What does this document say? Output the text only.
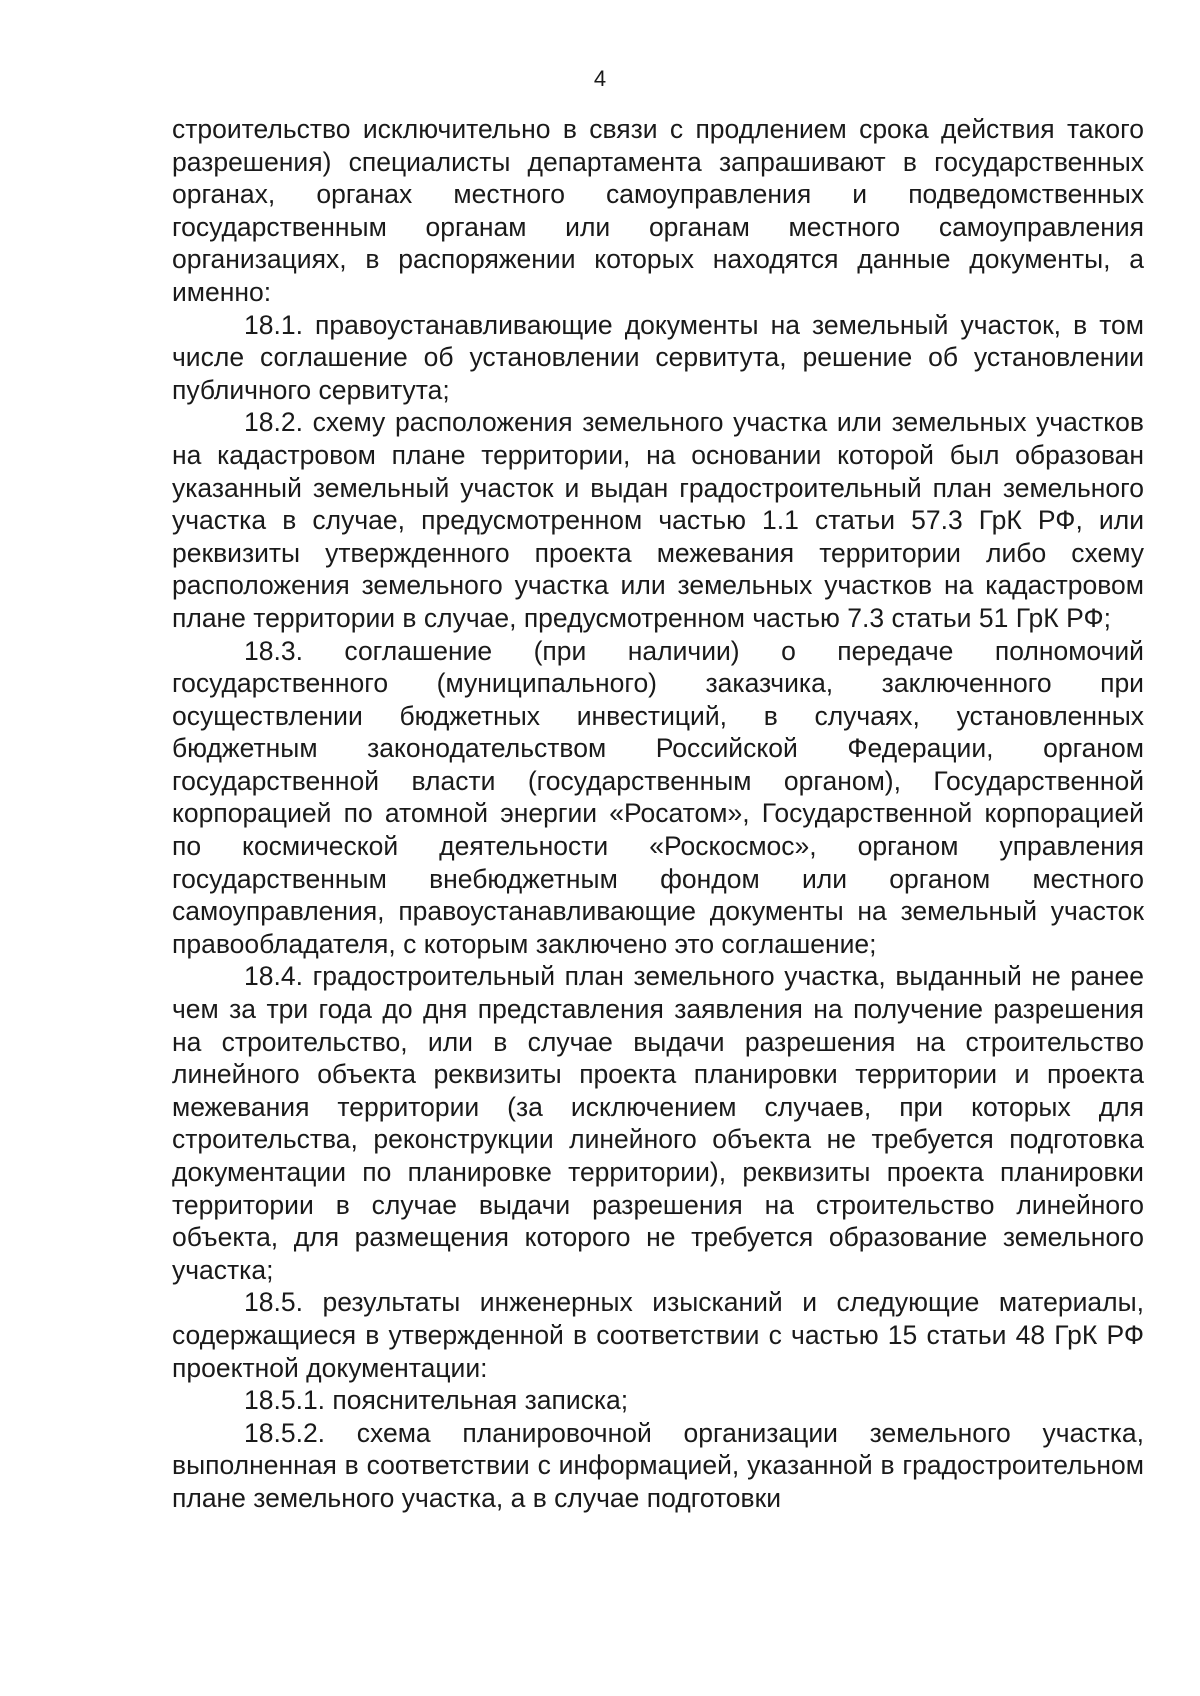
4

строительство исключительно в связи с продлением срока действия такого разрешения) специалисты департамента запрашивают в государственных органах, органах местного самоуправления и подведомственных государственным органам или органам местного самоуправления организациях, в распоряжении которых находятся данные документы, а именно:

18.1. правоустанавливающие документы на земельный участок, в том числе соглашение об установлении сервитута, решение об установлении публичного сервитута;

18.2. схему расположения земельного участка или земельных участков на кадастровом плане территории, на основании которой был образован указанный земельный участок и выдан градостроительный план земельного участка в случае, предусмотренном частью 1.1 статьи 57.3 ГрК РФ, или реквизиты утвержденного проекта межевания территории либо схему расположения земельного участка или земельных участков на кадастровом плане территории в случае, предусмотренном частью 7.3 статьи 51 ГрК РФ;

18.3. соглашение (при наличии) о передаче полномочий государственного (муниципального) заказчика, заключенного при осуществлении бюджетных инвестиций, в случаях, установленных бюджетным законодательством Российской Федерации, органом государственной власти (государственным органом), Государственной корпорацией по атомной энергии «Росатом», Государственной корпорацией по космической деятельности «Роскосмос», органом управления государственным внебюджетным фондом или органом местного самоуправления, правоустанавливающие документы на земельный участок правообладателя, с которым заключено это соглашение;

18.4. градостроительный план земельного участка, выданный не ранее чем за три года до дня представления заявления на получение разрешения на строительство, или в случае выдачи разрешения на строительство линейного объекта реквизиты проекта планировки территории и проекта межевания территории (за исключением случаев, при которых для строительства, реконструкции линейного объекта не требуется подготовка документации по планировке территории), реквизиты проекта планировки территории в случае выдачи разрешения на строительство линейного объекта, для размещения которого не требуется образование земельного участка;

18.5. результаты инженерных изысканий и следующие материалы, содержащиеся в утвержденной в соответствии с частью 15 статьи 48 ГрК РФ проектной документации:

18.5.1. пояснительная записка;

18.5.2. схема планировочной организации земельного участка, выполненная в соответствии с информацией, указанной в градостроительном плане земельного участка, а в случае подготовки
